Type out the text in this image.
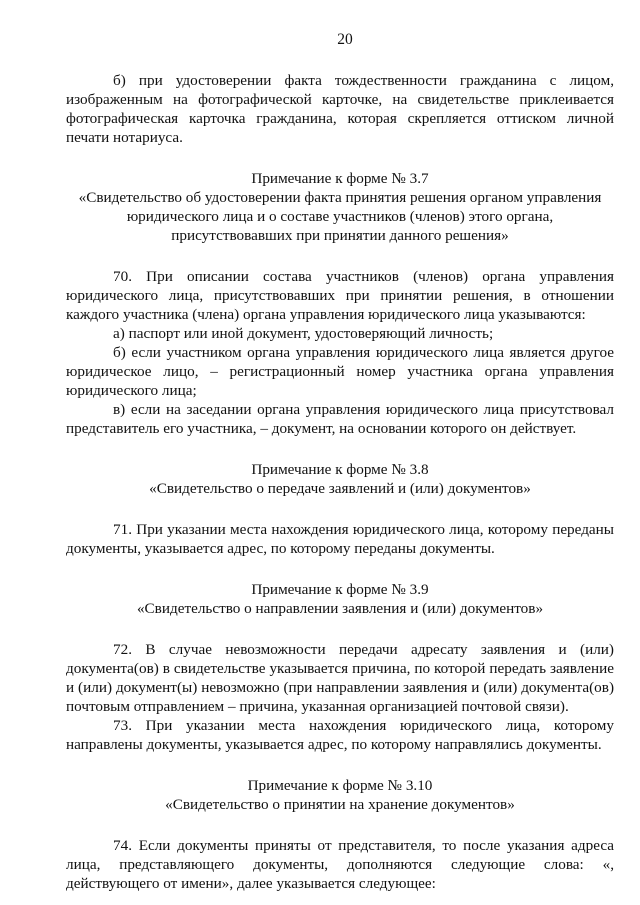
20

б) при удостоверении факта тождественности гражданина с лицом, изображенным на фотографической карточке, на свидетельстве приклеивается фотографическая карточка гражданина, которая скрепляется оттиском личной печати нотариуса.

Примечание к форме № 3.7

«Свидетельство об удостоверении факта принятия решения органом управления юридического лица и о составе участников (членов) этого органа, присутствовавших при принятии данного решения»

70. При описании состава участников (членов) органа управления юридического лица, присутствовавших при принятии решения, в отношении каждого участника (члена) органа управления юридического лица указываются:

а) паспорт или иной документ, удостоверяющий личность;

б) если участником органа управления юридического лица является другое юридическое лицо, – регистрационный номер участника органа управления юридического лица;

в) если на заседании органа управления юридического лица присутствовал представитель его участника, – документ, на основании которого он действует.

Примечание к форме № 3.8

«Свидетельство о передаче заявлений и (или) документов»

71. При указании места нахождения юридического лица, которому переданы документы, указывается адрес, по которому переданы документы.

Примечание к форме № 3.9

«Свидетельство о направлении заявления и (или) документов»

72. В случае невозможности передачи адресату заявления и (или) документа(ов) в свидетельстве указывается причина, по которой передать заявление и (или) документ(ы) невозможно (при направлении заявления и (или) документа(ов) почтовым отправлением – причина, указанная организацией почтовой связи).

73. При указании места нахождения юридического лица, которому направлены документы, указывается адрес, по которому направлялись документы.

Примечание к форме № 3.10

«Свидетельство о принятии на хранение документов»

74. Если документы приняты от представителя, то после указания адреса лица, представляющего документы, дополняются следующие слова: «, действующего от имени», далее указывается следующее:
